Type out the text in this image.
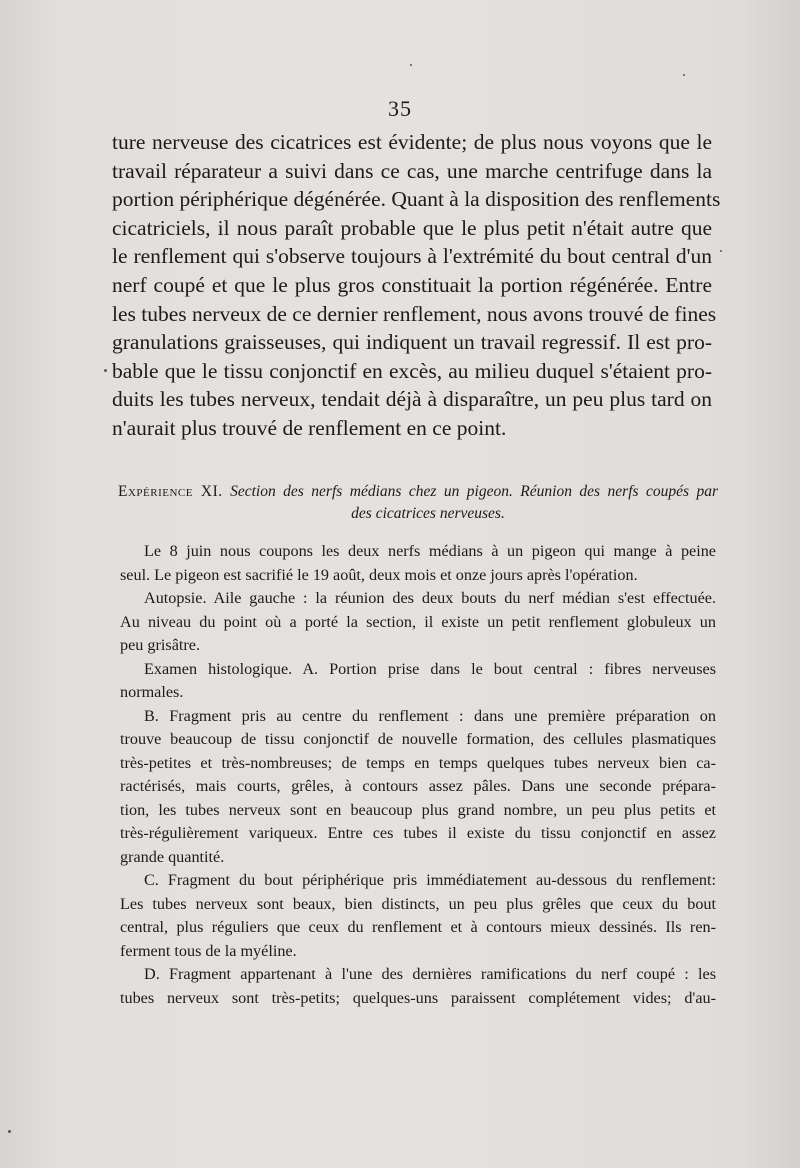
35
ture nerveuse des cicatrices est évidente; de plus nous voyons que le
travail réparateur a suivi dans ce cas, une marche centrifuge dans la
portion périphérique dégénérée. Quant à la disposition des renflements
cicatriciels, il nous paraît probable que le plus petit n'était autre que
le renflement qui s'observe toujours à l'extrémité du bout central d'un
nerf coupé et que le plus gros constituait la portion régénérée. Entre
les tubes nerveux de ce dernier renflement, nous avons trouvé de fines
granulations graisseuses, qui indiquent un travail regressif. Il est pro-
bable que le tissu conjonctif en excès, au milieu duquel s'étaient pro-
duits les tubes nerveux, tendait déjà à disparaître, un peu plus tard on
n'aurait plus trouvé de renflement en ce point.
Expérience XI. Section des nerfs médians chez un pigeon. Réunion des nerfs coupés par
des cicatrices nerveuses.
Le 8 juin nous coupons les deux nerfs médians à un pigeon qui mange à peine
seul. Le pigeon est sacrifié le 19 août, deux mois et onze jours après l'opération.
Autopsie. Aile gauche : la réunion des deux bouts du nerf médian s'est effectuée.
Au niveau du point où a porté la section, il existe un petit renflement globuleux un
peu grisâtre.
Examen histologique. A. Portion prise dans le bout central : fibres nerveuses
normales.
B. Fragment pris au centre du renflement : dans une première préparation on
trouve beaucoup de tissu conjonctif de nouvelle formation, des cellules plasmatiques
très-petites et très-nombreuses; de temps en temps quelques tubes nerveux bien ca-
ractérisés, mais courts, grêles, à contours assez pâles. Dans une seconde prépara-
tion, les tubes nerveux sont en beaucoup plus grand nombre, un peu plus petits et
très-régulièrement variqueux. Entre ces tubes il existe du tissu conjonctif en assez
grande quantité.
C. Fragment du bout périphérique pris immédiatement au-dessous du renflement:
Les tubes nerveux sont beaux, bien distincts, un peu plus grêles que ceux du bout
central, plus réguliers que ceux du renflement et à contours mieux dessinés. Ils ren-
ferment tous de la myéline.
D. Fragment appartenant à l'une des dernières ramifications du nerf coupé : les
tubes nerveux sont très-petits; quelques-uns paraissent complétement vides; d'au-
